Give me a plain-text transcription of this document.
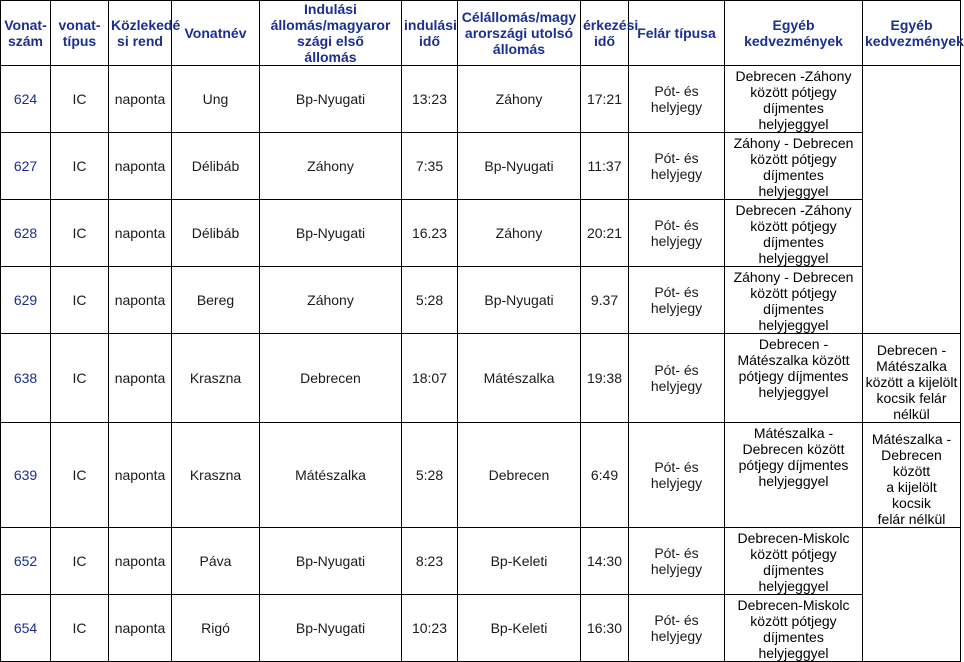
Vonat-
szám	vonat-
típus	Közlekedé
si rend	Vonatnév	Indulási
állomás/magyaror
szági első
állomás	indulási
idő	Célállomás/magy
arországi utolsó
állomás	érkezési
idő	Felár típusa	Egyéb kedvezmények	Egyéb
kedvezmények
624	IC	naponta	Ung	Bp-Nyugati	13:23	Záhony	17:21	Pót- és helyjegy	Debrecen -Záhony
között pótjegy
díjmentes
helyjeggyel	
627	IC	naponta	Délibáb	Záhony	7:35	Bp-Nyugati	11:37	Pót- és helyjegy	Záhony - Debrecen
között pótjegy
díjmentes
helyjeggyel	
628	IC	naponta	Délibáb	Bp-Nyugati	16.23	Záhony	20:21	Pót- és helyjegy	Debrecen -Záhony
között pótjegy
díjmentes
helyjeggyel	
629	IC	naponta	Bereg	Záhony	5:28	Bp-Nyugati	9.37	Pót- és helyjegy	Záhony - Debrecen
között pótjegy
díjmentes
helyjeggyel	
638	IC	naponta	Kraszna	Debrecen	18:07	Mátészalka	19:38	Pót- és helyjegy	Debrecen -
Mátészalka között
pótjegy díjmentes
helyjeggyel	Debrecen -
Mátészalka
között a kijelölt
kocsik felár
nélkül
639	IC	naponta	Kraszna	Mátészalka	5:28	Debrecen	6:49	Pót- és helyjegy	Mátészalka -
Debrecen között
pótjegy díjmentes
helyjeggyel	Mátészalka -
Debrecen között
a kijelölt kocsik
felár nélkül
652	IC	naponta	Páva	Bp-Nyugati	8:23	Bp-Keleti	14:30	Pót- és helyjegy	Debrecen-Miskolc
között pótjegy
díjmentes
helyjeggyel	
654	IC	naponta	Rigó	Bp-Nyugati	10:23	Bp-Keleti	16:30	Pót- és helyjegy	Debrecen-Miskolc
között pótjegy
díjmentes
helyjeggyel	
